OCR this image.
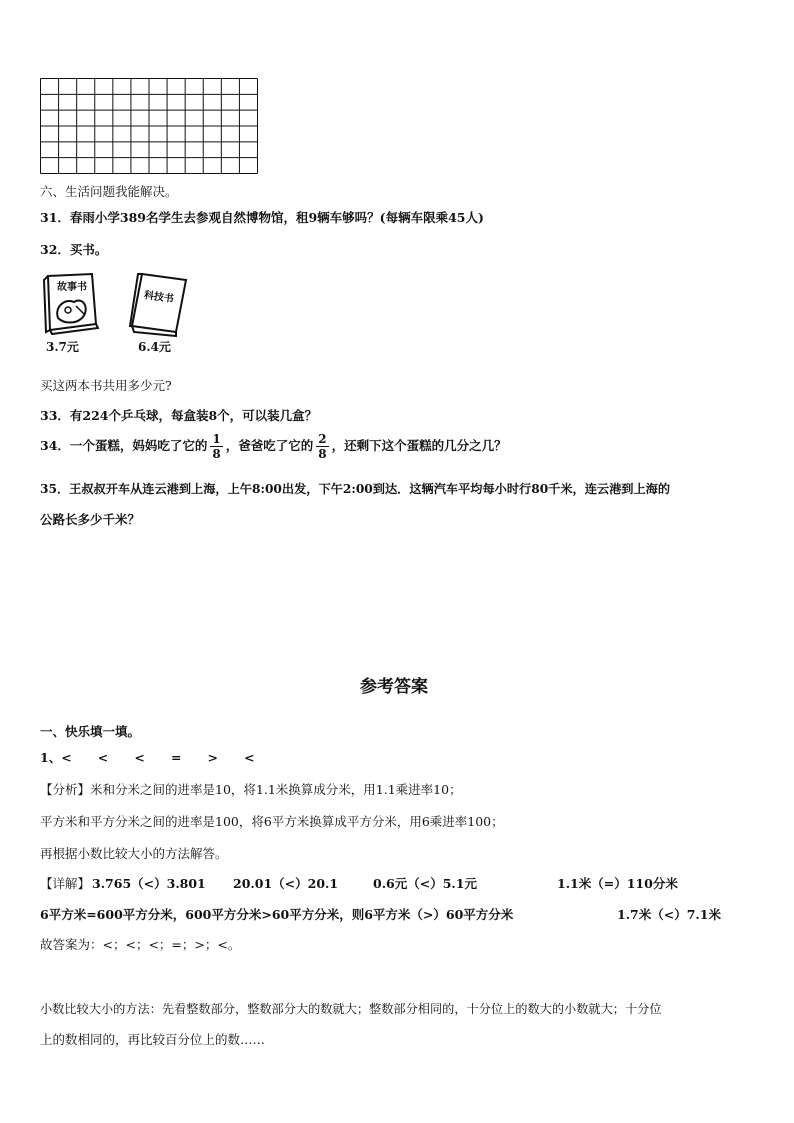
六、生活问题我能解决。
31．春雨小学389名学生去参观自然博物馆，租9辆车够吗？(每辆车限乘45人)
32．买书。
故事书
3.7元
科技书
6.4元
买这两本书共用多少元?
33．有224个乒乓球，每盒装8个，可以装几盒？
34．一个蛋糕，妈妈吃了它的 $\frac{1}{8}$ ，爸爸吃了它的 $\frac{2}{8}$ ，还剩下这个蛋糕的几分之几？
35．王叔叔开车从连云港到上海，上午8:00出发，下午2:00到达．这辆汽车平均每小时行80千米，连云港到上海的
公路长多少千米？
参考答案
一、快乐填一填。
1、<      <      <      =      >      <
【分析】米和分米之间的进率是10，将1.1米换算成分米，用1.1乘进率10；
平方米和平方分米之间的进率是100，将6平方米换算成平方分米，用6乘进率100；
再根据小数比较大小的方法解答。
【详解】 3.765（<）3.801 20.01（<）20.1	0.6元（<）5.1元	1.1米（=）110分米
6平方米=600平方分米，600平方分米>60平方分米，则6平方米（>）60平方分米	1.7米（<）7.1米
故答案为：<；<；<；=；>；<。
小数比较大小的方法：先看整数部分，整数部分大的数就大；整数部分相同的，十分位上的数大的小数就大；十分位
上的数相同的，再比较百分位上的数……
